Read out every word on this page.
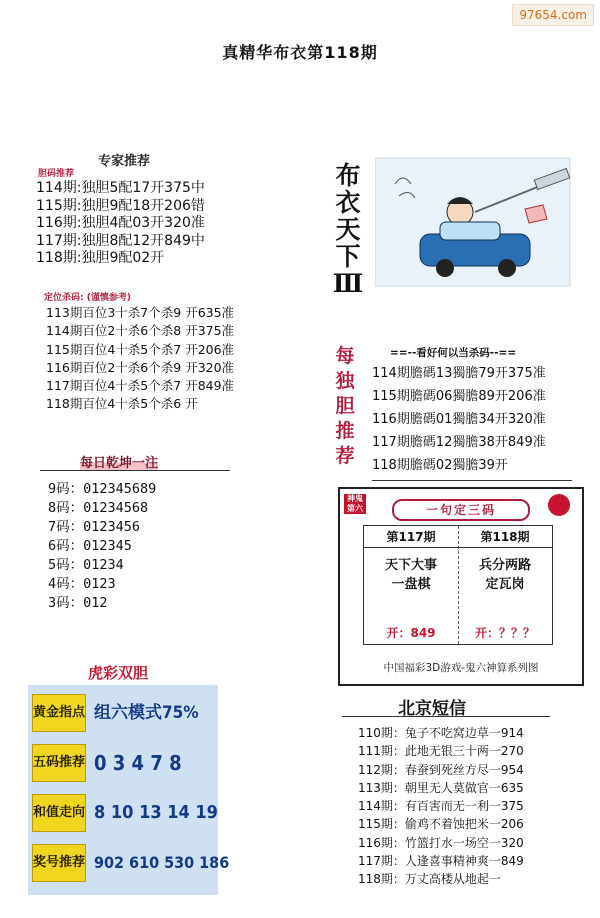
97654.com
真精华布衣第118期
专家推荐
胆码推荐
114期:独胆5配17开375中
115期:独胆9配18开206错
116期:独胆4配03开320准
117期:独胆8配12开849中
118期:独胆9配02开
定位杀码: (谨慎参考)
113期百位3十杀7个杀9 开635准
114期百位2十杀6个杀8 开375准
115期百位4十杀5个杀7 开206准
116期百位2十杀6个杀9 开320准
117期百位4十杀5个杀7 开849准
118期百位4十杀5个杀6 开
每日乾坤一注
9码：012345689
8码：01234568
7码：0123456
6码：012345
5码：01234
4码：0123
3码：012
布
衣
天
下
Ⅲ
每
独
胆
推
荐
==--看好何以当杀码--==
114期膽碼13獨膽79开375准
115期膽碼06獨膽89开206准
116期膽碼01獨膽34开320准
117期膽碼12獨膽38开849准
118期膽碼02獨膽39开
神鬼第六	一句定三码
第117期
天下大事
一盘棋
开：849
第118期
兵分两路
定瓦岗
开：？？？
中国福彩3D游戏-鬼六神算系列图
北京短信
110期：兔子不吃窝边草一914
111期：此地无银三十两一270
112期：春蚕到死丝方尽一954
113期：朝里无人莫做官一635
114期：有百害而无一利一375
115期：偷鸡不着蚀把米一206
116期：竹篮打水一场空一320
117期：人逢喜事精神爽一849
118期：万丈高楼从地起一
虎彩双胆
黄金指点 组六模式75%
五码推荐 0 3 4 7 8
和值走向 8 10 13 14 19
奖号推荐 902 610 530 186
